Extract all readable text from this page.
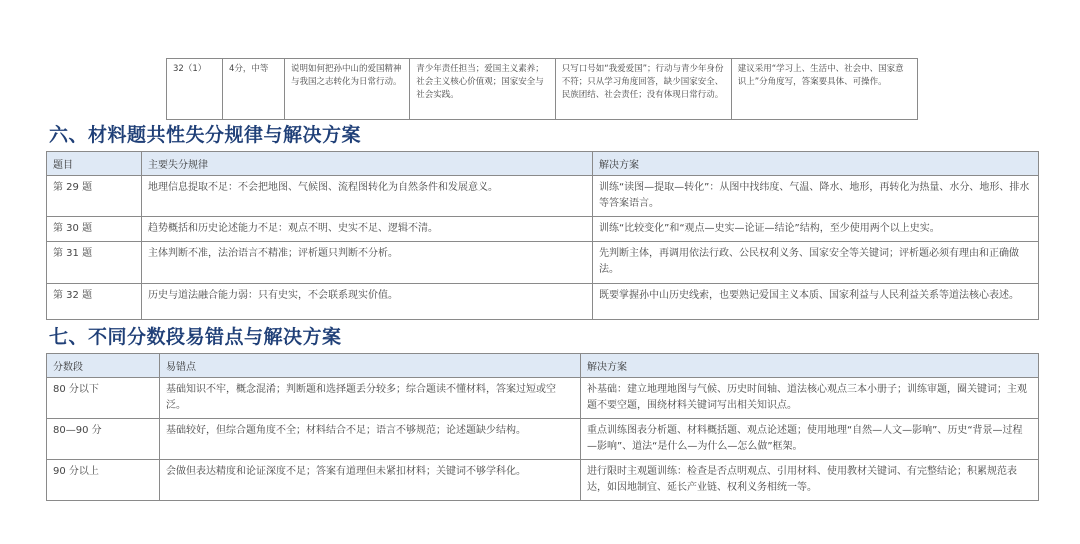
32（1）	4分，中等	说明如何把孙中山的爱国精神与我国之志转化为日常行动。	青少年责任担当；爱国主义素养；社会主义核心价值观；国家安全与社会实践。	只写口号如“我爱爱国”；行动与青少年身份不符；只从学习角度回答，缺少国家安全、民族团结、社会责任；没有体现日常行动。	建议采用“学习上、生活中、社会中、国家意识上”分角度写，答案要具体、可操作。
六、材料题共性失分规律与解决方案
题目	主要失分规律	解决方案
第 29 题	地理信息提取不足：不会把地图、气候图、流程图转化为自然条件和发展意义。	训练“读图—提取—转化”：从图中找纬度、气温、降水、地形，再转化为热量、水分、地形、排水等答案语言。
第 30 题	趋势概括和历史论述能力不足：观点不明、史实不足、逻辑不清。	训练“比较变化”和“观点—史实—论证—结论”结构，至少使用两个以上史实。
第 31 题	主体判断不准，法治语言不精准；评析题只判断不分析。	先判断主体，再调用依法行政、公民权利义务、国家安全等关键词；评析题必须有理由和正确做法。
第 32 题	历史与道法融合能力弱：只有史实，不会联系现实价值。	既要掌握孙中山历史线索，也要熟记爱国主义本质、国家利益与人民利益关系等道法核心表述。
七、不同分数段易错点与解决方案
分数段	易错点	解决方案
80 分以下	基础知识不牢，概念混淆；判断题和选择题丢分较多；综合题读不懂材料，答案过短或空泛。	补基础：建立地理地图与气候、历史时间轴、道法核心观点三本小册子；训练审题，圈关键词；主观题不要空题，围绕材料关键词写出相关知识点。
80—90 分	基础较好，但综合题角度不全；材料结合不足；语言不够规范；论述题缺少结构。	重点训练图表分析题、材料概括题、观点论述题；使用地理“自然—人文—影响”、历史“背景—过程—影响”、道法“是什么—为什么—怎么做”框架。
90 分以上	会做但表达精度和论证深度不足；答案有道理但未紧扣材料；关键词不够学科化。	进行限时主观题训练：检查是否点明观点、引用材料、使用教材关键词、有完整结论；积累规范表达，如因地制宜、延长产业链、权利义务相统一等。
